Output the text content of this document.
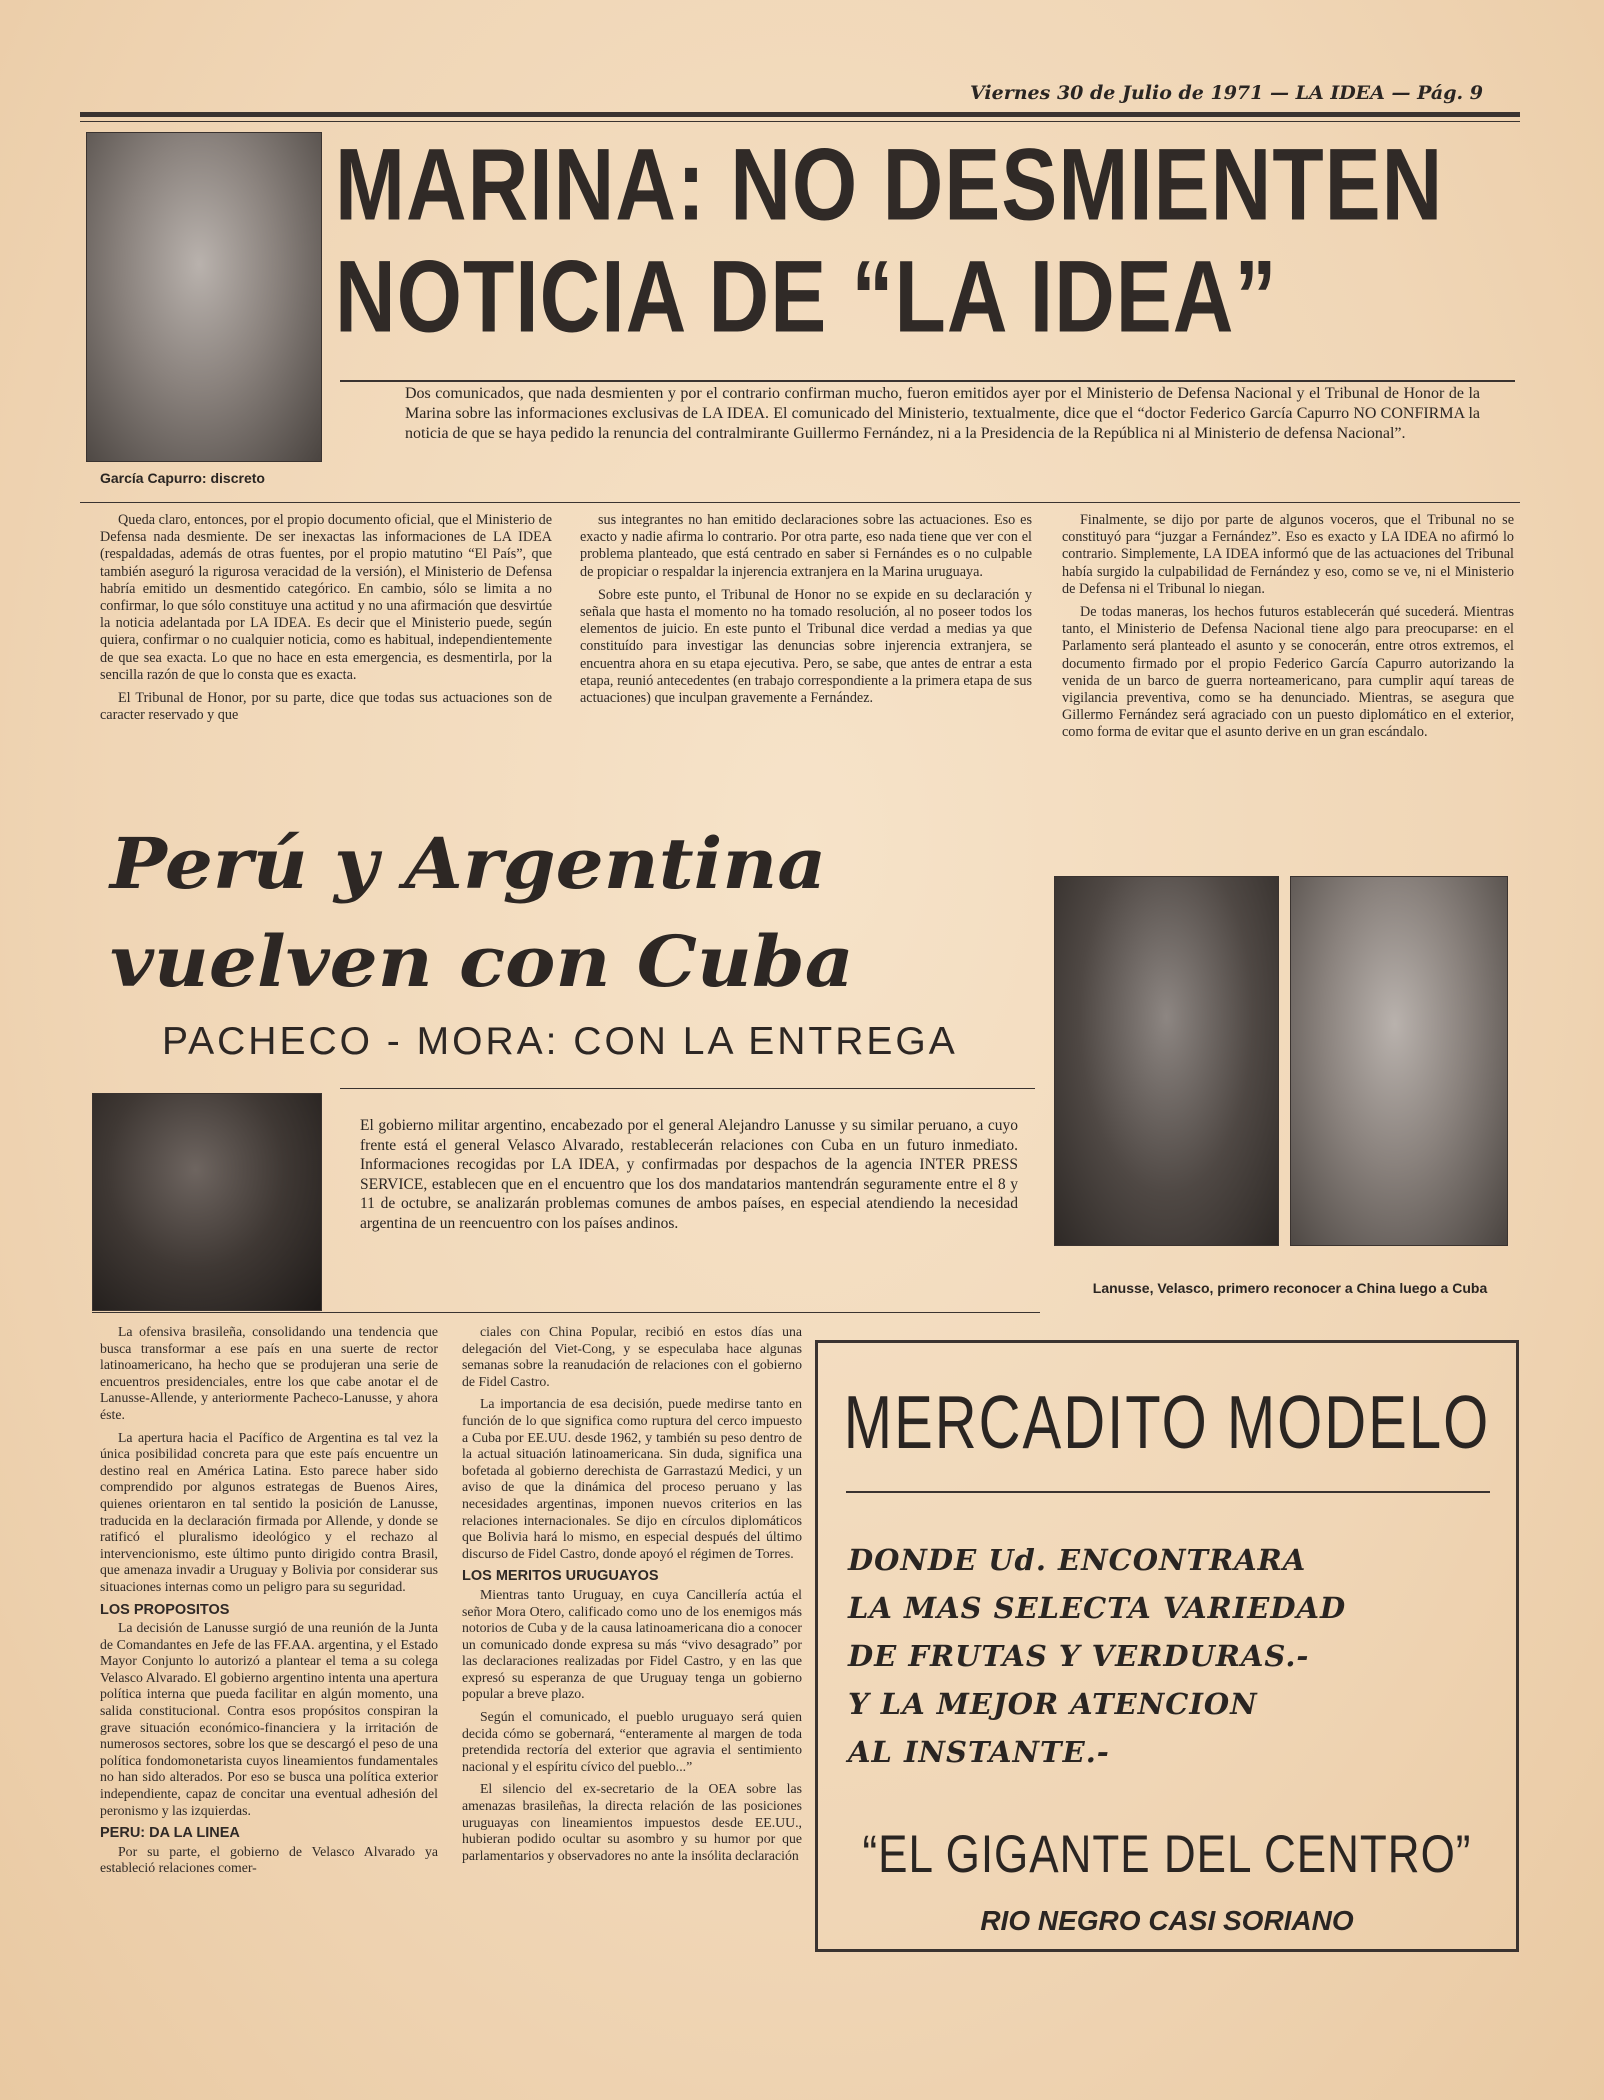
Viernes 30 de Julio de 1971 — LA IDEA — Pág. 9
García Capurro: discreto
MARINA: NO DESMIENTEN
NOTICIA DE “LA IDEA”
Dos comunicados, que nada desmienten y por el contrario confirman mucho, fueron emitidos ayer por el Ministerio de Defensa Nacional y el Tribunal de Honor de la Marina sobre las informaciones exclusivas de LA IDEA. El comunicado del Ministerio, textualmente, dice que el “doctor Federico García Capurro NO CONFIRMA la noticia de que se haya pedido la renuncia del contralmirante Guillermo Fernández, ni a la Presidencia de la República ni al Ministerio de defensa Nacional”.

Queda claro, entonces, por el propio documento oficial, que el Ministerio de Defensa nada desmiente. De ser inexactas las informaciones de LA IDEA (respaldadas, además de otras fuentes, por el propio matutino “El País”, que también aseguró la rigurosa veracidad de la versión), el Ministerio de Defensa habría emitido un desmentido categórico. En cambio, sólo se limita a no confirmar, lo que sólo constituye una actitud y no una afirmación que desvirtúe la noticia adelantada por LA IDEA. Es decir que el Ministerio puede, según quiera, confirmar o no cualquier noticia, como es habitual, independientemente de que sea exacta. Lo que no hace en esta emergencia, es desmentirla, por la sencilla razón de que lo consta que es exacta.

El Tribunal de Honor, por su parte, dice que todas sus actuaciones son de caracter reservado y que

sus integrantes no han emitido declaraciones sobre las actuaciones. Eso es exacto y nadie afirma lo contrario. Por otra parte, eso nada tiene que ver con el problema planteado, que está centrado en saber si Fernándes es o no culpable de propiciar o respaldar la injerencia extranjera en la Marina uruguaya.

Sobre este punto, el Tribunal de Honor no se expide en su declaración y señala que hasta el momento no ha tomado resolución, al no poseer todos los elementos de juicio. En este punto el Tribunal dice verdad a medias ya que constituído para investigar las denuncias sobre injerencia extranjera, se encuentra ahora en su etapa ejecutiva. Pero, se sabe, que antes de entrar a esta etapa, reunió antecedentes (en trabajo correspondiente a la primera etapa de sus actuaciones) que inculpan gravemente a Fernández.

Finalmente, se dijo por parte de algunos voceros, que el Tribunal no se constituyó para “juzgar a Fernández”. Eso es exacto y LA IDEA no afirmó lo contrario. Simplemente, LA IDEA informó que de las actuaciones del Tribunal había surgido la culpabilidad de Fernández y eso, como se ve, ni el Ministerio de Defensa ni el Tribunal lo niegan.

De todas maneras, los hechos futuros establecerán qué sucederá. Mientras tanto, el Ministerio de Defensa Nacional tiene algo para preocuparse: en el Parlamento será planteado el asunto y se conocerán, entre otros extremos, el documento firmado por el propio Federico García Capurro autorizando la venida de un barco de guerra norteamericano, para cumplir aquí tareas de vigilancia preventiva, como se ha denunciado. Mientras, se asegura que Gillermo Fernández será agraciado con un puesto diplomático en el exterior, como forma de evitar que el asunto derive en un gran escándalo.

Perú y Argentina
vuelven con Cuba
PACHECO - MORA: CON LA ENTREGA
El gobierno militar argentino, encabezado por el general Alejandro Lanusse y su similar peruano, a cuyo frente está el general Velasco Alvarado, restablecerán relaciones con Cuba en un futuro inmediato. Informaciones recogidas por LA IDEA, y confirmadas por despachos de la agencia INTER PRESS SERVICE, establecen que en el encuentro que los dos mandatarios mantendrán seguramente entre el 8 y 11 de octubre, se analizarán problemas comunes de ambos países, en especial atendiendo la necesidad argentina de un reencuentro con los países andinos.
Lanusse, Velasco, primero reconocer a China luego a Cuba

La ofensiva brasileña, consolidando una tendencia que busca transformar a ese país en una suerte de rector latinoamericano, ha hecho que se produjeran una serie de encuentros presidenciales, entre los que cabe anotar el de Lanusse-Allende, y anteriormente Pacheco-Lanusse, y ahora éste.

La apertura hacia el Pacífico de Argentina es tal vez la única posibilidad concreta para que este país encuentre un destino real en América Latina. Esto parece haber sido comprendido por algunos estrategas de Buenos Aires, quienes orientaron en tal sentido la posición de Lanusse, traducida en la declaración firmada por Allende, y donde se ratificó el pluralismo ideológico y el rechazo al intervencionismo, este último punto dirigido contra Brasil, que amenaza invadir a Uruguay y Bolivia por considerar sus situaciones internas como un peligro para su seguridad.

LOS PROPOSITOS

La decisión de Lanusse surgió de una reunión de la Junta de Comandantes en Jefe de las FF.AA. argentina, y el Estado Mayor Conjunto lo autorizó a plantear el tema a su colega Velasco Alvarado. El gobierno argentino intenta una apertura política interna que pueda facilitar en algún momento, una salida constitucional. Contra esos propósitos conspiran la grave situación económico-financiera y la irritación de numerosos sectores, sobre los que se descargó el peso de una política fondomonetarista cuyos lineamientos fundamentales no han sido alterados. Por eso se busca una política exterior independiente, capaz de concitar una eventual adhesión del peronismo y las izquierdas.

PERU: DA LA LINEA

Por su parte, el gobierno de Velasco Alvarado ya estableció relaciones comer-

ciales con China Popular, recibió en estos días una delegación del Viet-Cong, y se especulaba hace algunas semanas sobre la reanudación de relaciones con el gobierno de Fidel Castro.

La importancia de esa decisión, puede medirse tanto en función de lo que significa como ruptura del cerco impuesto a Cuba por EE.UU. desde 1962, y también su peso dentro de la actual situación latinoamericana. Sin duda, significa una bofetada al gobierno derechista de Garrastazú Medici, y un aviso de que la dinámica del proceso peruano y las necesidades argentinas, imponen nuevos criterios en las relaciones internacionales. Se dijo en círculos diplomáticos que Bolivia hará lo mismo, en especial después del último discurso de Fidel Castro, donde apoyó el régimen de Torres.

LOS MERITOS URUGUAYOS

Mientras tanto Uruguay, en cuya Cancillería actúa el señor Mora Otero, calificado como uno de los enemigos más notorios de Cuba y de la causa latinoamericana dio a conocer un comunicado donde expresa su más “vivo desagrado” por las declaraciones realizadas por Fidel Castro, y en las que expresó su esperanza de que Uruguay tenga un gobierno popular a breve plazo.

Según el comunicado, el pueblo uruguayo será quien decida cómo se gobernará, “enteramente al margen de toda pretendida rectoría del exterior que agravia el sentimiento nacional y el espíritu cívico del pueblo...”

El silencio del ex-secretario de la OEA sobre las amenazas brasileñas, la directa relación de las posiciones uruguayas con lineamientos impuestos desde EE.UU., hubieran podido ocultar su asombro y su humor por que parlamentarios y observadores no ante la insólita declaración

MERCADITO MODELO
DONDE Ud. ENCONTRARA
LA MAS SELECTA VARIEDAD
DE FRUTAS Y VERDURAS.-
Y LA MEJOR ATENCION
AL INSTANTE.-
“EL GIGANTE DEL CENTRO”
RIO NEGRO CASI SORIANO
